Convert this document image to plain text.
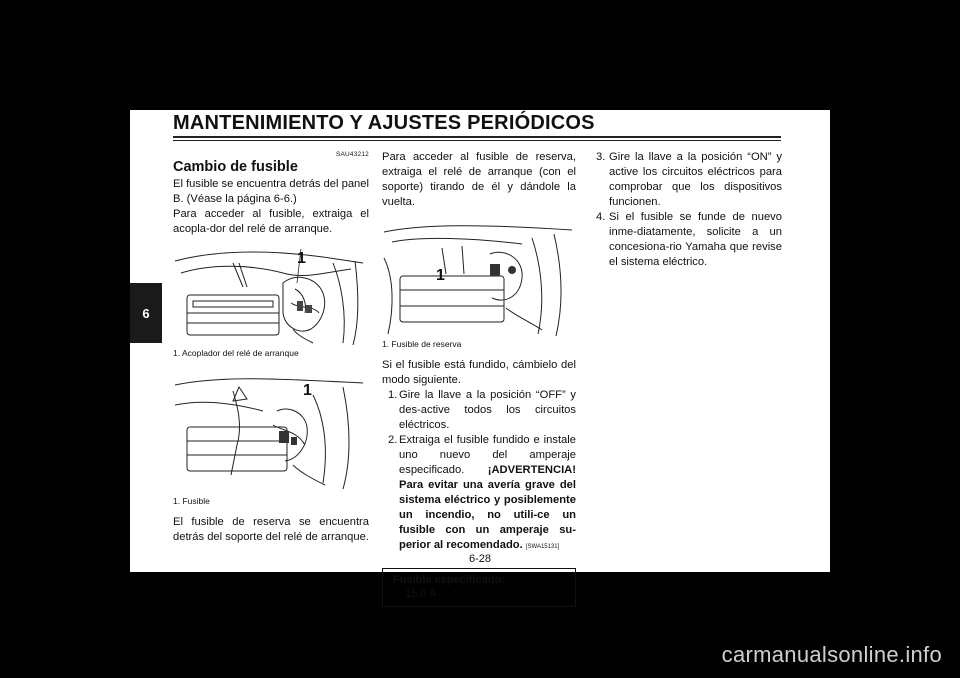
MANTENIMIENTO Y AJUSTES PERIÓDICOS
6
SAU43212
Cambio de fusible

El fusible se encuentra detrás del panel B. (Véase la página 6-6.)

Para acceder al fusible, extraiga el acopla-dor del relé de arranque.

1
1. Acoplador del relé de arranque
1
1. Fusible

El fusible de reserva se encuentra detrás del soporte del relé de arranque.

Para acceder al fusible de reserva, extraiga el relé de arranque (con el soporte) tirando de él y dándole la vuelta.

1
1. Fusible de reserva

Si el fusible está fundido, cámbielo del modo siguiente.

1. Gire la llave a la posición “OFF” y des-active todos los circuitos eléctricos.
2. Extraiga el fusible fundido e instale uno nuevo del amperaje especificado. ¡ADVERTENCIA! Para evitar una avería grave del sistema eléctrico y posiblemente un incendio, no utili-ce un fusible con un amperaje su-perior al recomendado. [SWA15131]
Fusible especificado:
15.0 A
3. Gire la llave a la posición “ON” y active los circuitos eléctricos para comprobar que los dispositivos funcionen.
4. Si el fusible se funde de nuevo inme-diatamente, solicite a un concesiona-rio Yamaha que revise el sistema eléctrico.
6-28
carmanualsonline.info
